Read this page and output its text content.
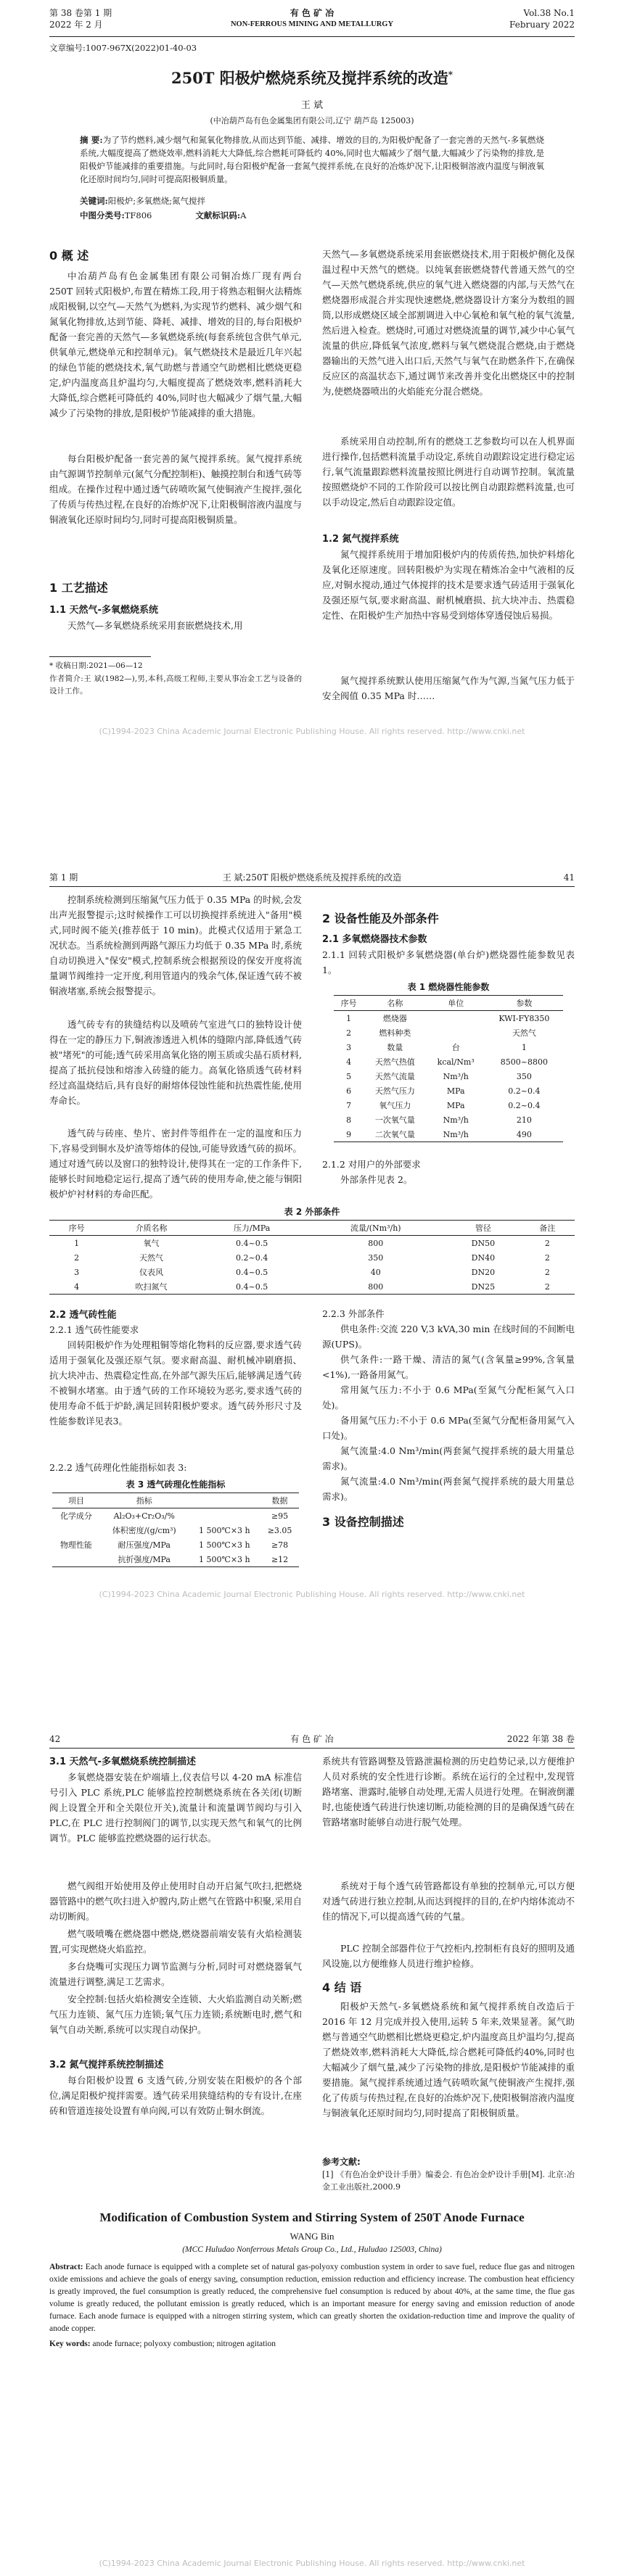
第 38 卷第 1 期
2022 年 2 月
有 色 矿 冶
NON-FERROUS MINING AND METALLURGY
Vol.38 No.1
February 2022
文章编号:1007-967X(2022)01-40-03
250T 阳极炉燃烧系统及搅拌系统的改造*
王 斌
(中冶葫芦岛有色金属集团有限公司,辽宁 葫芦岛 125003)
摘 要:为了节约燃料,减少烟气和氮氧化物排放,从而达到节能、减排、增效的目的,为阳极炉配备了一套完善的天然气-多氧燃烧系统,大幅度提高了燃烧效率,燃料消耗大大降低,综合燃耗可降低约 40%,同时也大幅减少了烟气量,大幅减少了污染物的排放,是阳极炉节能减排的重要措施。与此同时,每台阳极炉配备一套氮气搅拌系统,在良好的冶炼炉况下,让阳极铜溶液内温度与铜液氧化还原时间均匀,同时可提高阳极铜质量。
关键词:阳极炉;多氧燃烧;氮气搅拌
中图分类号:TF806	文献标识码:A
0 概 述
中冶葫芦岛有色金属集团有限公司铜冶炼厂现有两台 250T 回转式阳极炉,布置在精炼工段,用于将熟态粗铜火法精炼成阳极铜,以空气—天然气为燃料,为实现节约燃料、减少烟气和氮氧化物排放,达到节能、降耗、减排、增效的目的,每台阳极炉配备一套完善的天然气—多氧燃烧系统(每套系统包含供气单元,供氧单元,燃烧单元和控制单元)。氧气燃烧技术是最近几年兴起的绿色节能的燃烧技术,氧气助燃与普通空气助燃相比燃烧更稳定,炉内温度高且炉温均匀,大幅度提高了燃烧效率,燃料消耗大大降低,综合燃耗可降低约 40%,同时也大幅减少了烟气量,大幅减少了污染物的排放,是阳极炉节能减排的重大措施。
每台阳极炉配备一套完善的氮气搅拌系统。氮气搅拌系统由气源调节控制单元(氮气分配控制柜)、触摸控制台和透气砖等组成。在操作过程中通过透气砖喷吹氮气使铜液产生搅拌,强化了传质与传热过程,在良好的冶炼炉况下,让阳极铜溶液内温度与铜液氧化还原时间均匀,同时可提高阳极铜质量。
1 工艺描述
1.1 天然气-多氧燃烧系统
天然气—多氧燃烧系统采用套嵌燃烧技术,用
* 收稿日期:2021—06—12
作者简介:王 斌(1982—),男,本科,高级工程师,主要从事冶金工艺与设备的设计工作。
天然气—多氧燃烧系统采用套嵌燃烧技术,用于阳极炉侧化及保温过程中天然气的燃烧。以纯氧套嵌燃烧替代普通天然气的空气—天然气燃烧系统,供应的氧气进入燃烧器的内部,与天然气在燃烧器形成混合并实现快速燃烧,燃烧器设计方案分为数组的圆筒,以形成燃烧区域全部割调进入中心氧枪和氧气枪的氧气流量,然后进入检查。燃烧时,可通过对燃烧流量的调节,减少中心氧气流量的供应,降低氧气浓度,燃料与氧气燃烧混合燃烧,由于燃烧器输出的天然气进入出口后,天然气与氧气在助燃条件下,在确保反应区的高温状态下,通过调节来改善并变化出燃烧区中的控制为,使燃烧器喷出的火焰能充分混合燃烧。
系统采用自动控制,所有的燃烧工艺参数均可以在人机界面进行操作,包括燃料流量手动设定,系统自动跟踪设定进行稳定运行,氧气流量跟踪燃料流量按照比例进行自动调节控制。氧流量按照燃烧炉不同的工作阶段可以按比例自动跟踪燃料流量,也可以手动设定,然后自动跟踪设定值。
1.2 氮气搅拌系统
氮气搅拌系统用于增加阳极炉内的传质传热,加快炉料熔化及氧化还原速度。回转阳极炉为实现在精炼冶金中气液相的反应,对铜水搅动,通过气体搅拌的技术是要求透气砖适用于强氧化及强还原气氛,要求耐高温、耐机械磨损、抗大块冲击、热震稳定性、在阳极炉生产加热中容易受到熔体穿透侵蚀后易损。
氮气搅拌系统默认使用压缩氮气作为气源,当氮气压力低于安全阀值 0.35 MPa 时……
(C)1994-2023 China Academic Journal Electronic Publishing House. All rights reserved. http://www.cnki.net
第 1 期	王 斌:250T 阳极炉燃烧系统及搅拌系统的改造	41
控制系统检测到压缩氮气压力低于 0.35 MPa 的时候,会发出声光报警提示;这时候操作工可以切换搅拌系统进入"备用"模式,同时阀不能关(推荐低于 10 min)。此模式仅适用于紧急工况状态。当系统检测到两路气源压力均低于 0.35 MPa 时,系统自动切换进入"保安"模式,控制系统会根据预设的保安开度将流量调节阀维持一定开度,利用管道内的残余气体,保证透气砖不被铜液堵塞,系统会报警提示。
透气砖专有的狭缝结构以及喷砖气室进气口的独特设计使得在一定的静压力下,铜液渗透进入机体的缝隙内部,降低透气砖被"堵死"的可能;透气砖采用高氧化铬的刚玉质或尖晶石质材料,提高了抵抗侵蚀和熔渗入砖缝的能力。高氧化铬质透气砖材料经过高温烧结后,具有良好的耐熔体侵蚀性能和抗热震性能,使用寿命长。
透气砖与砖座、垫片、密封件等组件在一定的温度和压力下,容易受到铜水及炉渣等熔体的侵蚀,可能导致透气砖的损坏。通过对透气砖以及窗口的独特设计,使得其在一定的工作条件下,能够长时间地稳定运行,提高了透气砖的使用寿命,使之能与铜阳极炉炉衬材料的寿命匹配。
2 设备性能及外部条件
2.1 多氧燃烧器技术参数
2.1.1 回转式阳极炉多氧燃烧器(单台炉)燃烧器性能参数见表 1。
表 1 燃烧器性能参数
序号	名称	单位	参数
1	燃烧器		KWI-FY8350
2	燃料种类		天然气
3	数量	台	1
4	天然气热值	kcal/Nm³	8500~8800
5	天然气流量	Nm³/h	350
6	天然气压力	MPa	0.2~0.4
7	氧气压力	MPa	0.2~0.4
8	一次氧气量	Nm³/h	210
9	二次氧气量	Nm³/h	490
2.1.2 对用户的外部要求
外部条件见表 2。
表 2 外部条件
序号	介质名称	压力/MPa	流量/(Nm³/h)	管径	备注
1	氧气	0.4~0.5	800	DN50	2
2	天然气	0.2~0.4	350	DN40	2
3	仪表风	0.4~0.5	40	DN20	2
4	吹扫氮气	0.4~0.5	800	DN25	2
2.2 透气砖性能
2.2.1 透气砖性能要求
回转阳极炉作为处理粗铜等熔化物料的反应器,要求透气砖适用于强氧化及强还原气氛。要求耐高温、耐机械冲刷磨损、抗大块冲击、热震稳定性高,在外部气源失压后,能够满足透气砖不被铜水堵塞。由于透气砖的工作环境较为恶劣,要求透气砖的使用寿命不低于炉龄,满足回转阳极炉要求。透气砖外形尺寸及性能参数详见表3。
2.2.2 透气砖理化性能指标如表 3:
表 3 透气砖理化性能指标
项目	指标		数据
化学成分	Al₂O₃+Cr₂O₃/%		≥95
	体积密度/(g/cm³)	1 500℃×3 h	≥3.05
物理性能	耐压强度/MPa	1 500℃×3 h	≥78
	抗折强度/MPa	1 500℃×3 h	≥12
2.2.3 外部条件
供电条件:交流 220 V,3 kVA,30 min 在线时间的不间断电源(UPS)。
供气条件:一路干燥、清洁的氮气(含氧量≥99%,含氧量<1%),一路备用氮气。
常用氮气压力:不小于 0.6 MPa(至氮气分配柜氮气入口处)。
备用氮气压力:不小于 0.6 MPa(至氮气分配柜备用氮气入口处)。
氮气流量:4.0 Nm³/min(两套氮气搅拌系统的最大用量总需求)。
氮气流量:4.0 Nm³/min(两套氮气搅拌系统的最大用量总需求)。
3 设备控制描述
(C)1994-2023 China Academic Journal Electronic Publishing House. All rights reserved. http://www.cnki.net
42	有 色 矿 冶	2022 年第 38 卷
3.1 天然气-多氧燃烧系统控制描述
多氧燃烧器安装在炉端墙上,仪表信号以 4-20 mA 标准信号引入 PLC 系统,PLC 能够监控控制燃烧系统在各关闭(切断阀上设置全开和全关限位开关),流量计和流量调节阀均与引入 PLC,在 PLC 进行控制阀门的调节,以实现天然气和氧气的比例调节。PLC 能够监控燃烧器的运行状态。
燃气阀组开始使用及停止使用时自动开启氮气吹扫,把燃烧器管路中的燃气吹扫进入炉膛内,防止燃气在管路中积聚,采用自动切断阀。
燃气吸喷嘴在燃烧器中燃烧,燃烧器前端安装有火焰检测装置,可实现燃烧火焰监控。
多台烧嘴可实现压力调节监测与分析,同时可对燃烧器氧气流量进行调整,满足工艺需求。
安全控制:包括火焰检测安全连锁、大火焰监测自动关断;燃气压力连锁、氮气压力连锁;氧气压力连锁;系统断电时,燃气和氧气自动关断,系统可以实现自动保护。
3.2 氮气搅拌系统控制描述
每台阳极炉设置 6 支透气砖,分别安装在阳极炉的各个部位,满足阳极炉搅拌需要。透气砖采用狭缝结构的专有设计,在座砖和管道连接处设置有单向阀,可以有效防止铜水倒流。
系统共有管路调整及管路泄漏检测的历史趋势记录,以方便维护人员对系统的安全性进行诊断。系统在运行的全过程中,发现管路堵塞、泄露时,能够自动处理,无需人员进行处理。在铜液倒灌时,也能使透气砖进行快速切断,功能检测的目的是确保透气砖在管路堵塞时能够自动进行脱气处理。
系统对于每个透气砖管路都设有单独的控制单元,可以方便对透气砖进行独立控制,从而达到搅拌的目的,在炉内熔体流动不佳的情况下,可以提高透气砖的气量。
PLC 控制全部器件位于气控柜内,控制柜有良好的照明及通风设施,以方便维修人员进行维护检修。
4 结 语
阳极炉天然气-多氧燃烧系统和氮气搅拌系统自改造后于 2016 年 12 月完成并投入使用,运转 5 年来,效果显著。氮气助燃与普通空气助燃相比燃烧更稳定,炉内温度高且炉温均匀,提高了燃烧效率,燃料消耗大大降低,综合燃耗可降低约40%,同时也大幅减少了烟气量,减少了污染物的排放,是阳极炉节能减排的重要措施。氮气搅拌系统通过透气砖喷吹氮气使铜液产生搅拌,强化了传质与传热过程,在良好的冶炼炉况下,使阳极铜溶液内温度与铜液氧化还原时间均匀,同时提高了阳极铜质量。
参考文献:
[1] 《有色冶金炉设计手册》编委会. 有色冶金炉设计手册[M]. 北京:冶金工业出版社,2000.9
Modification of Combustion System and Stirring System of 250T Anode Furnace
WANG Bin
(MCC Huludao Nonferrous Metals Group Co., Ltd., Huludao 125003, China)
Abstract: Each anode furnace is equipped with a complete set of natural gas-polyoxy combustion system in order to save fuel, reduce flue gas and nitrogen oxide emissions and achieve the goals of energy saving, consumption reduction, emission reduction and efficiency increase. The combustion heat efficiency is greatly improved, the fuel consumption is greatly reduced, the comprehensive fuel consumption is reduced by about 40%, at the same time, the flue gas volume is greatly reduced, the pollutant emission is greatly reduced, which is an important measure for energy saving and emission reduction of anode furnace. Each anode furnace is equipped with a nitrogen stirring system, which can greatly shorten the oxidation-reduction time and improve the quality of anode copper.
Key words: anode furnace; polyoxy combustion; nitrogen agitation
(C)1994-2023 China Academic Journal Electronic Publishing House. All rights reserved. http://www.cnki.net
